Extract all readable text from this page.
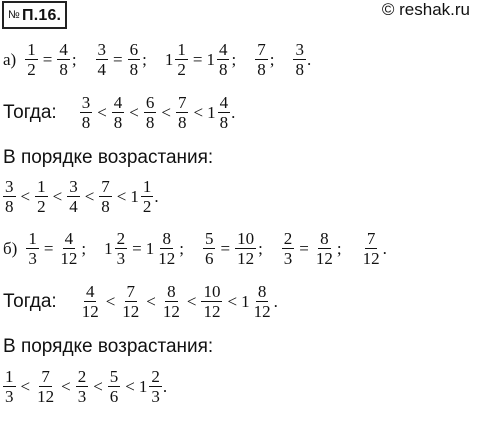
№ П.16.	© reshak.ru
$а) \frac{1}{2} = \frac{4}{8}$ ; $\frac{3}{4} = \frac{6}{8}$ ; $1 \frac{1}{2} = 1 \frac{4}{8}$ ; $\frac{7}{8}$ ; $\frac{3}{8}$ .
Тогда: $\frac{3}{8} < \frac{4}{8} < \frac{6}{8} < \frac{7}{8} < 1 \frac{4}{8}$ .
В порядке возрастания:
$\frac{3}{8} < \frac{1}{2} < \frac{3}{4} < \frac{7}{8} < 1 \frac{1}{2}$ .
$б) \frac{1}{3} = \frac{4}{12}$ ; $1 \frac{2}{3} = 1 \frac{8}{12}$ ; $\frac{5}{6} = \frac{10}{12}$ ; $\frac{2}{3} = \frac{8}{12}$ ; $\frac{7}{12}$ .
Тогда: $\frac{4}{12} < \frac{7}{12} < \frac{8}{12} < \frac{10}{12} < 1 \frac{8}{12}$ .
В порядке возрастания:
$\frac{1}{3} < \frac{7}{12} < \frac{2}{3} < \frac{5}{6} < 1 \frac{2}{3}$ .
